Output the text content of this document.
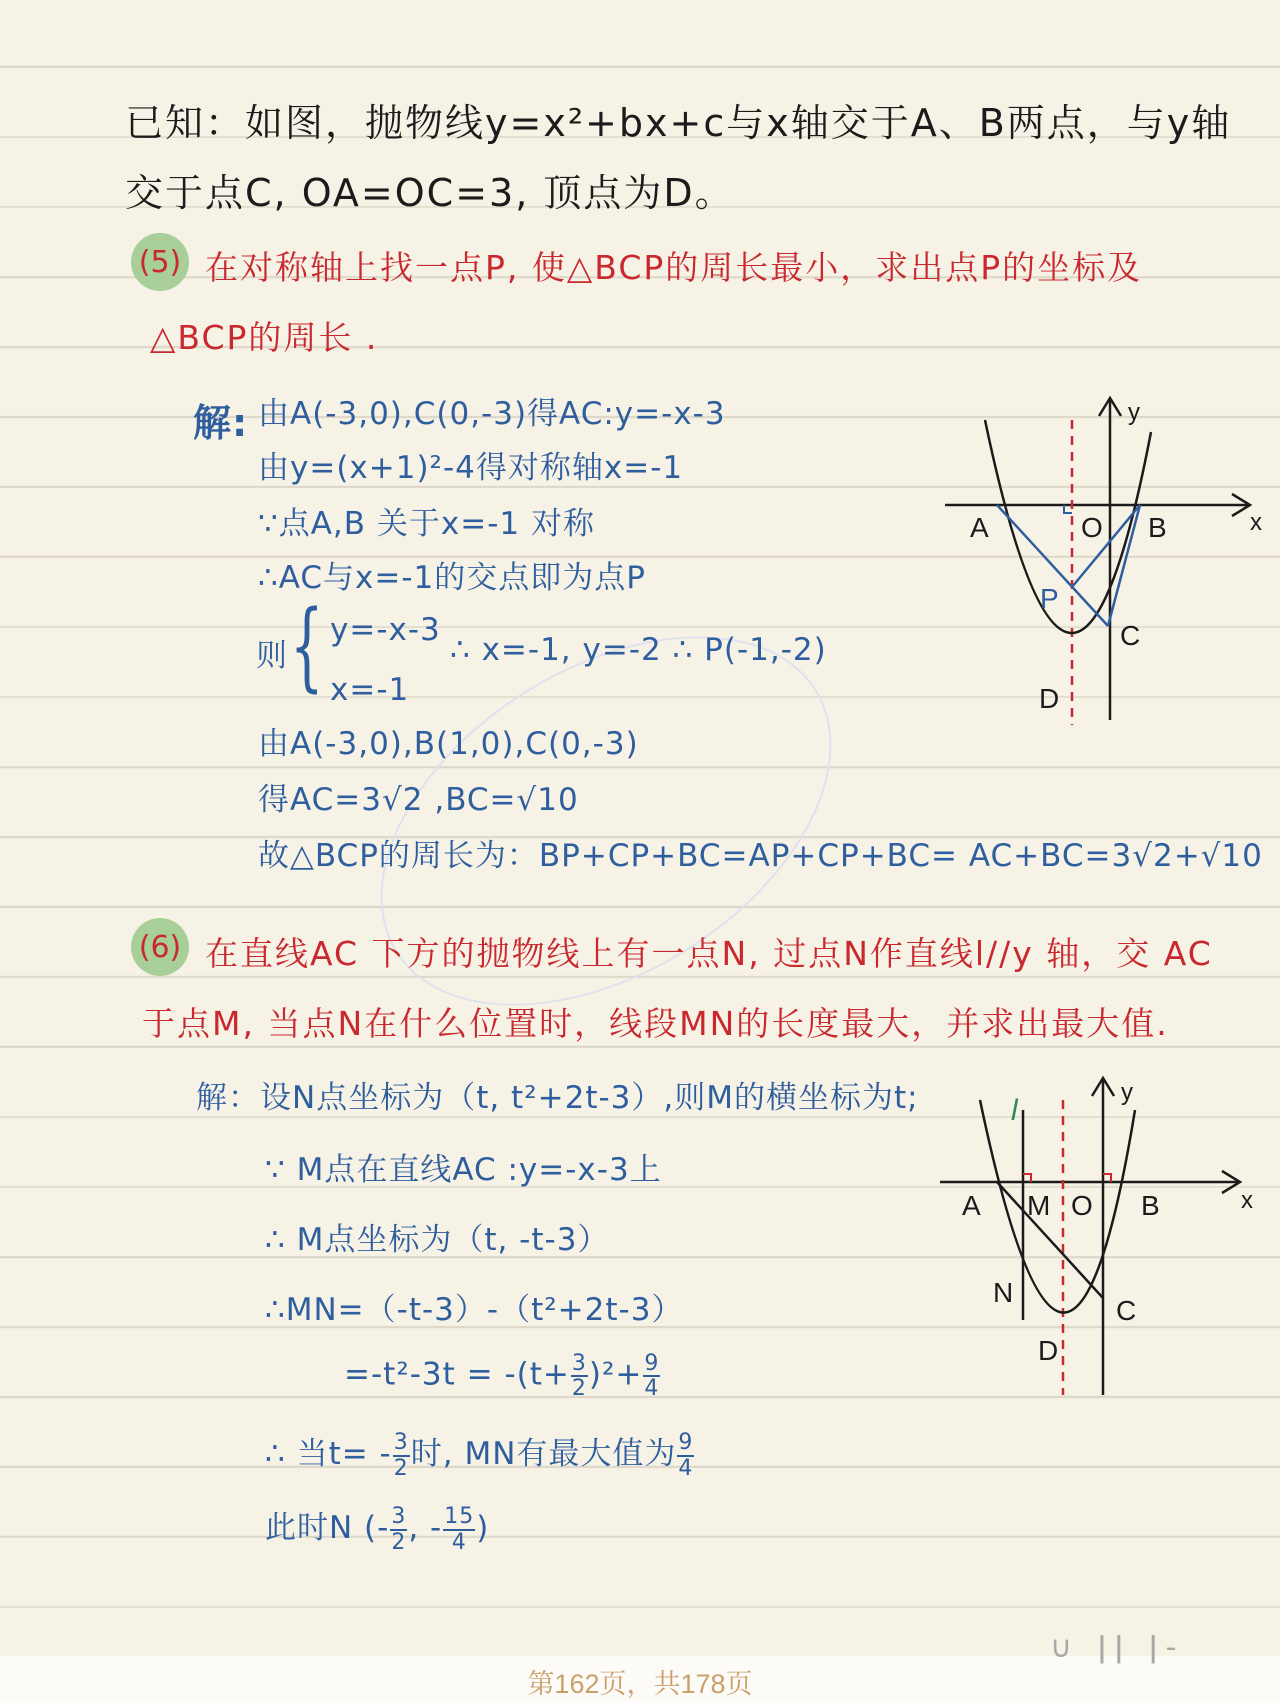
已知：如图，抛物线y=x²+bx+c与x轴交于A、B两点，与y轴
交于点C, OA=OC=3, 顶点为D。
(5) 在对称轴上找一点P, 使△BCP的周长最小，求出点P的坐标及
△BCP的周长 .
解: 由A(-3,0),C(0,-3)得AC:y=-x-3
由y=(x+1)²-4得对称轴x=-1
∵点A,B 关于x=-1 对称
∴AC与x=-1的交点即为点P
则 { y=-x-3
x=-1
∴ x=-1, y=-2 ∴ P(-1,-2)
由A(-3,0),B(1,0),C(0,-3)
得AC=3√2 ,BC=√10
故△BCP的周长为：BP+CP+BC=AP+CP+BC= AC+BC=3√2+√10
A	O B
P
C
D
x
y
(6) 在直线AC 下方的抛物线上有一点N, 过点N作直线l//y 轴，交 AC
于点M, 当点N在什么位置时，线段MN的长度最大，并求出最大值.
解：设N点坐标为（t, t²+2t-3）,则M的横坐标为t;
∵ M点在直线AC :y=-x-3上
∴ M点坐标为（t, -t-3）
∴MN=（-t-3）-（t²+2t-3）
$=-t^2-3t = -(t+ \frac{3}{2} )^2+ \frac{9}{4}$
∴ 当$t= - \frac{3}{2}$ 时, MN有最大值为 $\frac{9}{4}$
此时N (- $\frac{3}{2}$ , - $\frac{15}{4}$ )
l
A M O B
N
C
D
x
y
∪ ǀǀ ǀ‐
第162页，共178页
